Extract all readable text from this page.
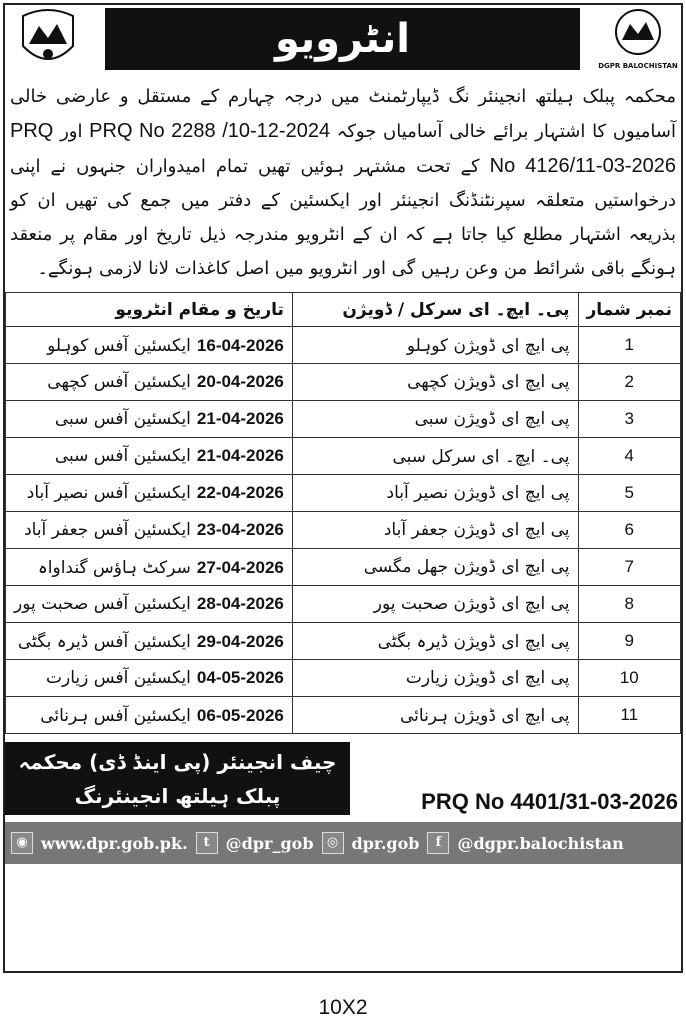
DGPR BALOCHISTAN
انٹرویو
محکمہ پبلک ہیلتھ انجینئر نگ ڈیپارٹمنٹ میں درجہ چہارم کے مستقل و عارضی خالی آسامیوں کا اشتہار برائے خالی آسامیاں جوکہ PRQ No 2288 /10-12-2024 اور PRQ No 4126/11-03-2026 کے تحت مشتہر ہوئیں تھیں تمام امیدواران جنہوں نے اپنی درخواستیں متعلقہ سپرنٹنڈنگ انجینئر اور ایکسئین کے دفتر میں جمع کی تھیں ان کو بذریعہ اشتہار مطلع کیا جاتا ہے کہ ان کے انٹرویو مندرجہ ذیل تاریخ اور مقام پر منعقد ہونگے باقی شرائط من وعن رہیں گی اور انٹرویو میں اصل کاغذات لانا لازمی ہونگے۔
نمبر شمار	پی۔ ایچ۔ ای سرکل / ڈویژن	تاریخ و مقام انٹرویو
1	پی ایچ ای ڈویژن کوہلو	16-04-2026ایکسئین آفس کوہلو
2	پی ایچ ای ڈویژن کچھی	20-04-2026ایکسئین آفس کچھی
3	پی ایچ ای ڈویژن سبی	21-04-2026ایکسئین آفس سبی
4	پی۔ ایچ۔ ای سرکل سبی	21-04-2026ایکسئین آفس سبی
5	پی ایچ ای ڈویژن نصیر آباد	22-04-2026ایکسئین آفس نصیر آباد
6	پی ایچ ای ڈویژن جعفر آباد	23-04-2026ایکسئین آفس جعفر آباد
7	پی ایچ ای ڈویژن جھل مگسی	27-04-2026سرکٹ ہاؤس گنداواہ
8	پی ایچ ای ڈویژن صحبت پور	28-04-2026ایکسئین آفس صحبت پور
9	پی ایچ ای ڈویژن ڈیرہ بگٹی	29-04-2026ایکسئین آفس ڈیرہ بگٹی
10	پی ایچ ای ڈویژن زیارت	04-05-2026ایکسئین آفس زیارت
11	پی ایچ ای ڈویژن ہرنائی	06-05-2026ایکسئین آفس ہرنائی
چیف انجینئر (پی اینڈ ڈی) محکمہ
پبلک ہیلتھ انجینئرنگ	PRQ No 4401/31-03-2026
◉ www.dpr.gob.pk.	t	@dpr_gob	◎ dpr.gob	f	@dgpr.balochistan
10X2
